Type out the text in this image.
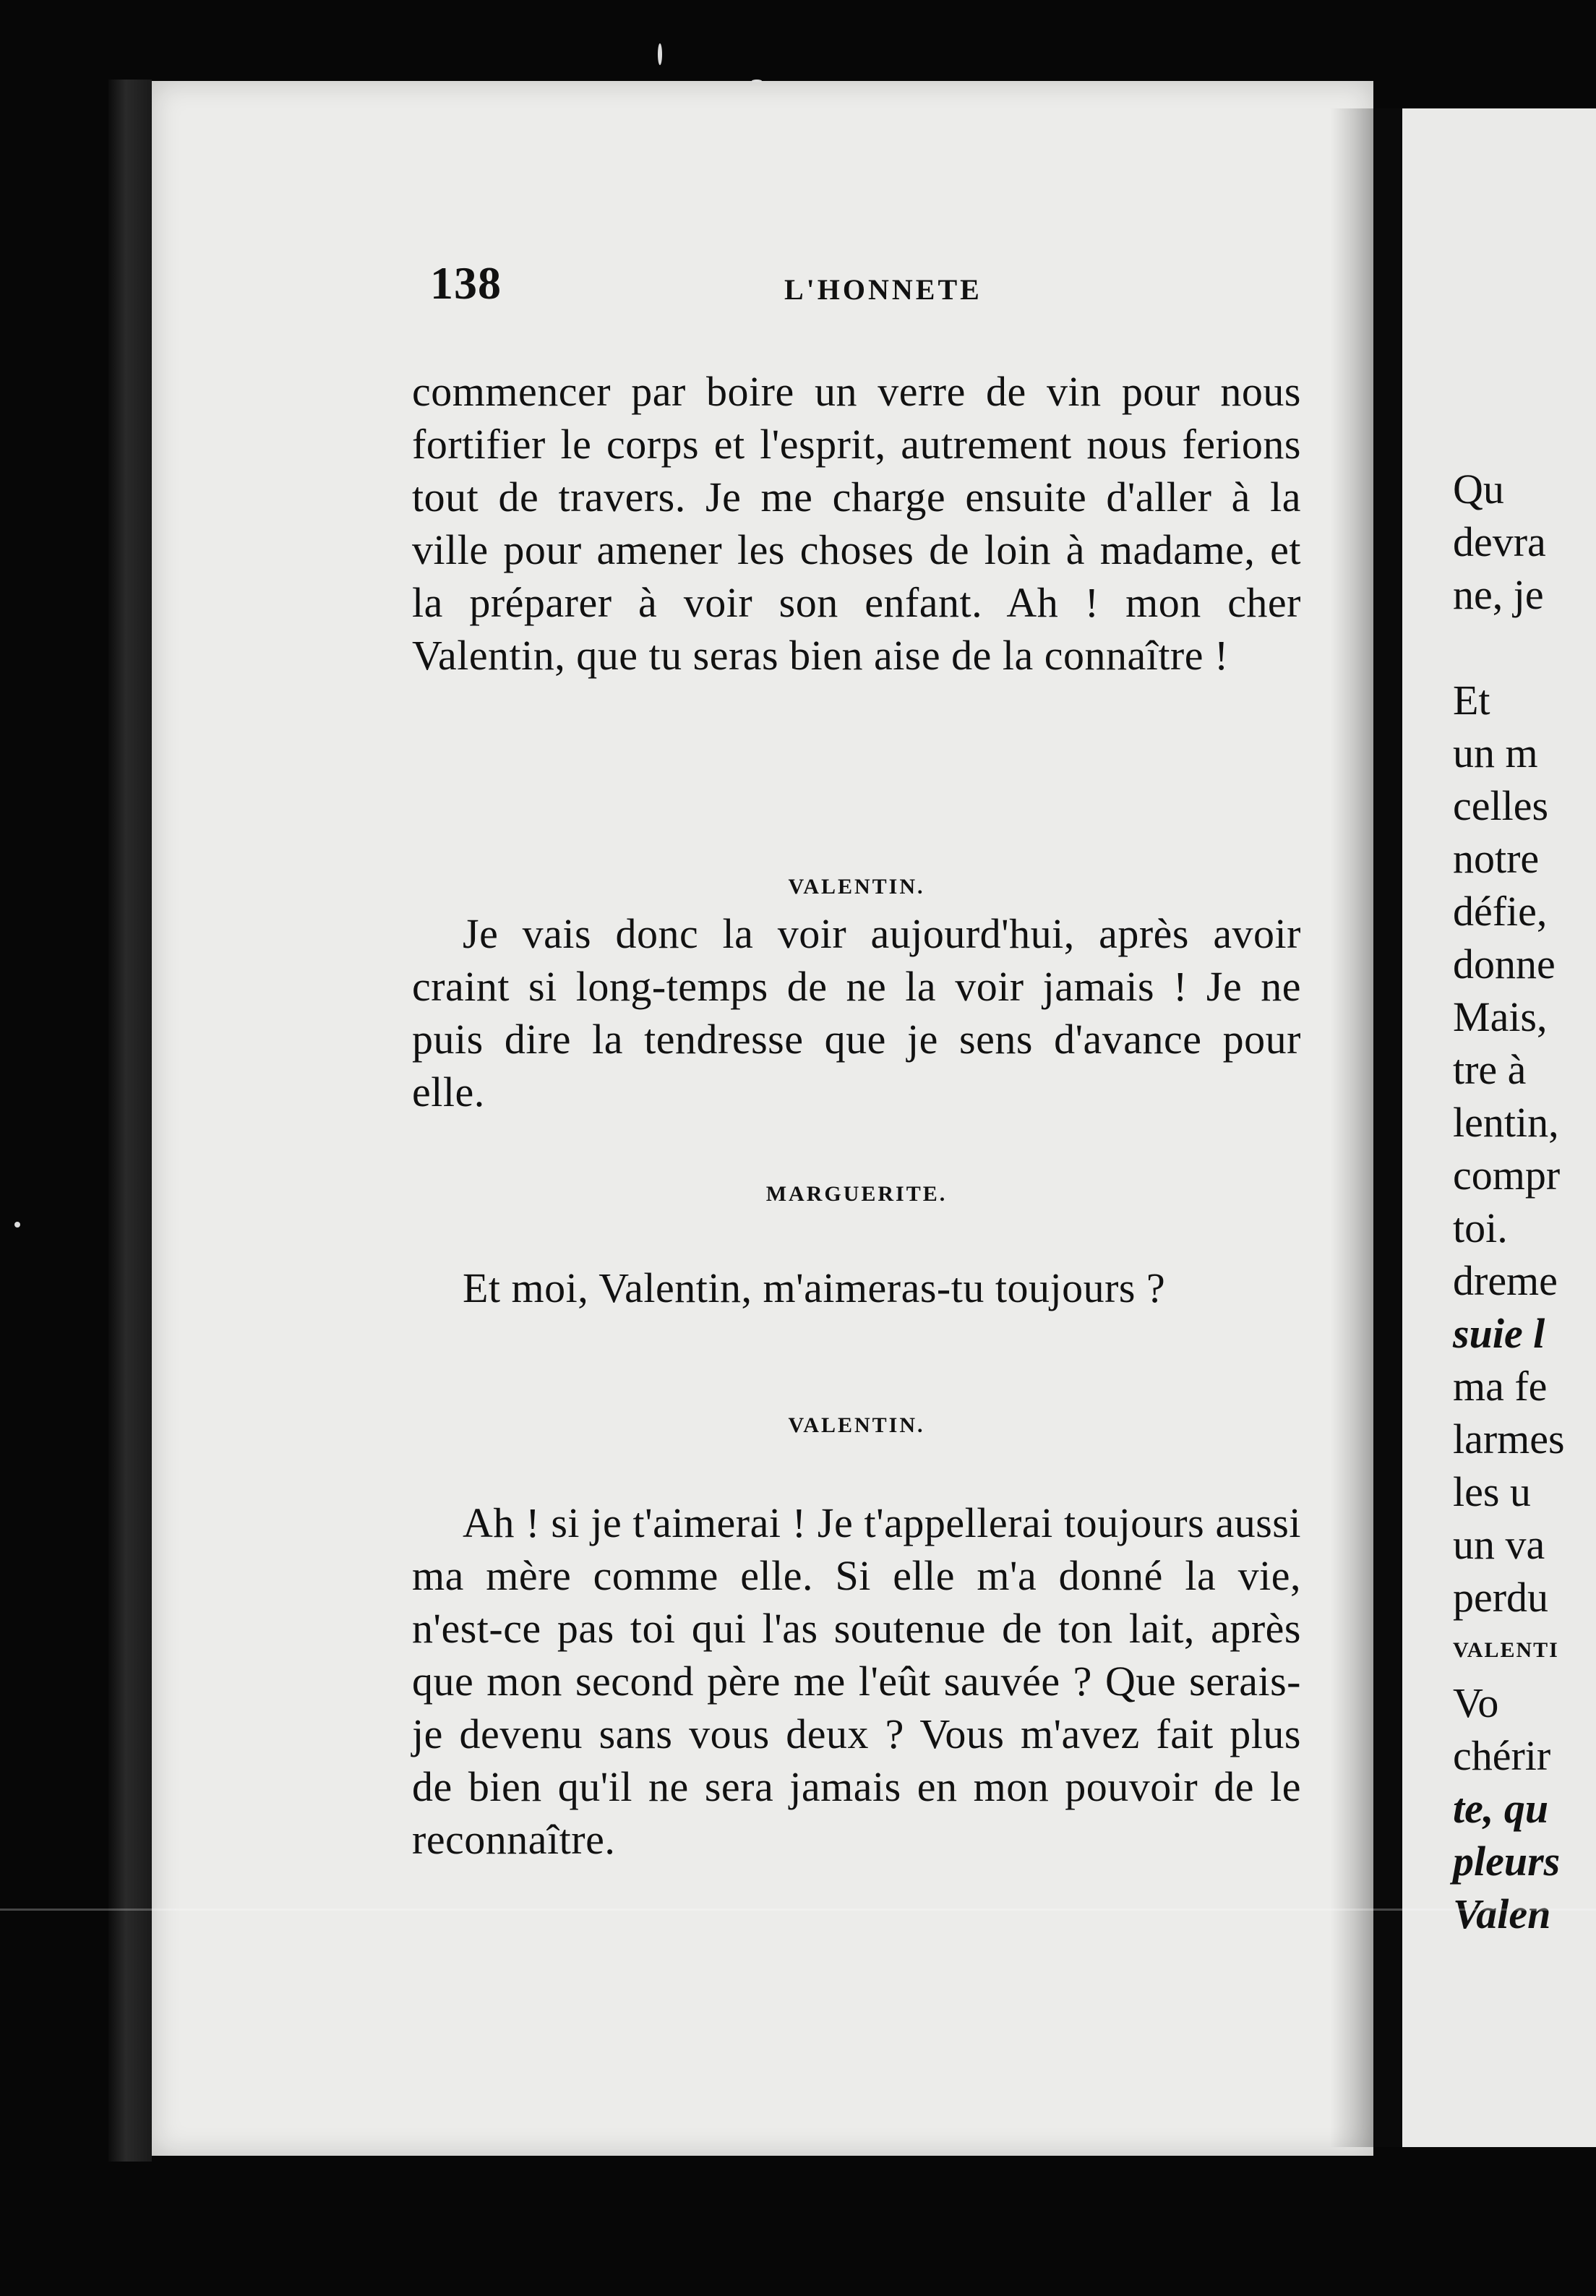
138	L'HONNETE
commencer par boire un verre de vin pour nous fortifier le corps et l'esprit, autrement nous ferions tout de travers. Je me charge ensuite d'aller à la ville pour amener les choses de loin à madame, et la préparer à voir son enfant. Ah ! mon cher Valentin, que tu seras bien aise de la connaître !
VALENTIN.
Je vais donc la voir aujourd'hui, après avoir craint si long-temps de ne la voir jamais ! Je ne puis dire la tendresse que je sens d'avance pour elle.
MARGUERITE.
Et moi, Valentin, m'aimeras-tu toujours ?
VALENTIN.
Ah ! si je t'aimerai ! Je t'appellerai toujours aussi ma mère comme elle. Si elle m'a donné la vie, n'est-ce pas toi qui l'as soutenue de ton lait, après que mon second père me l'eût sauvée ? Que serais-je devenu sans vous deux ? Vous m'avez fait plus de bien qu'il ne sera jamais en mon pouvoir de le reconnaître.
Qu
devra
ne, je
Et
un m
celles
notre
défie,
donne
Mais,
tre à
lentin,
compr
toi.
dreme
suie l
ma fe
larmes
les u
un va
perdu
VALENTI
Vo
chérir
te, qu
pleurs
Valen
